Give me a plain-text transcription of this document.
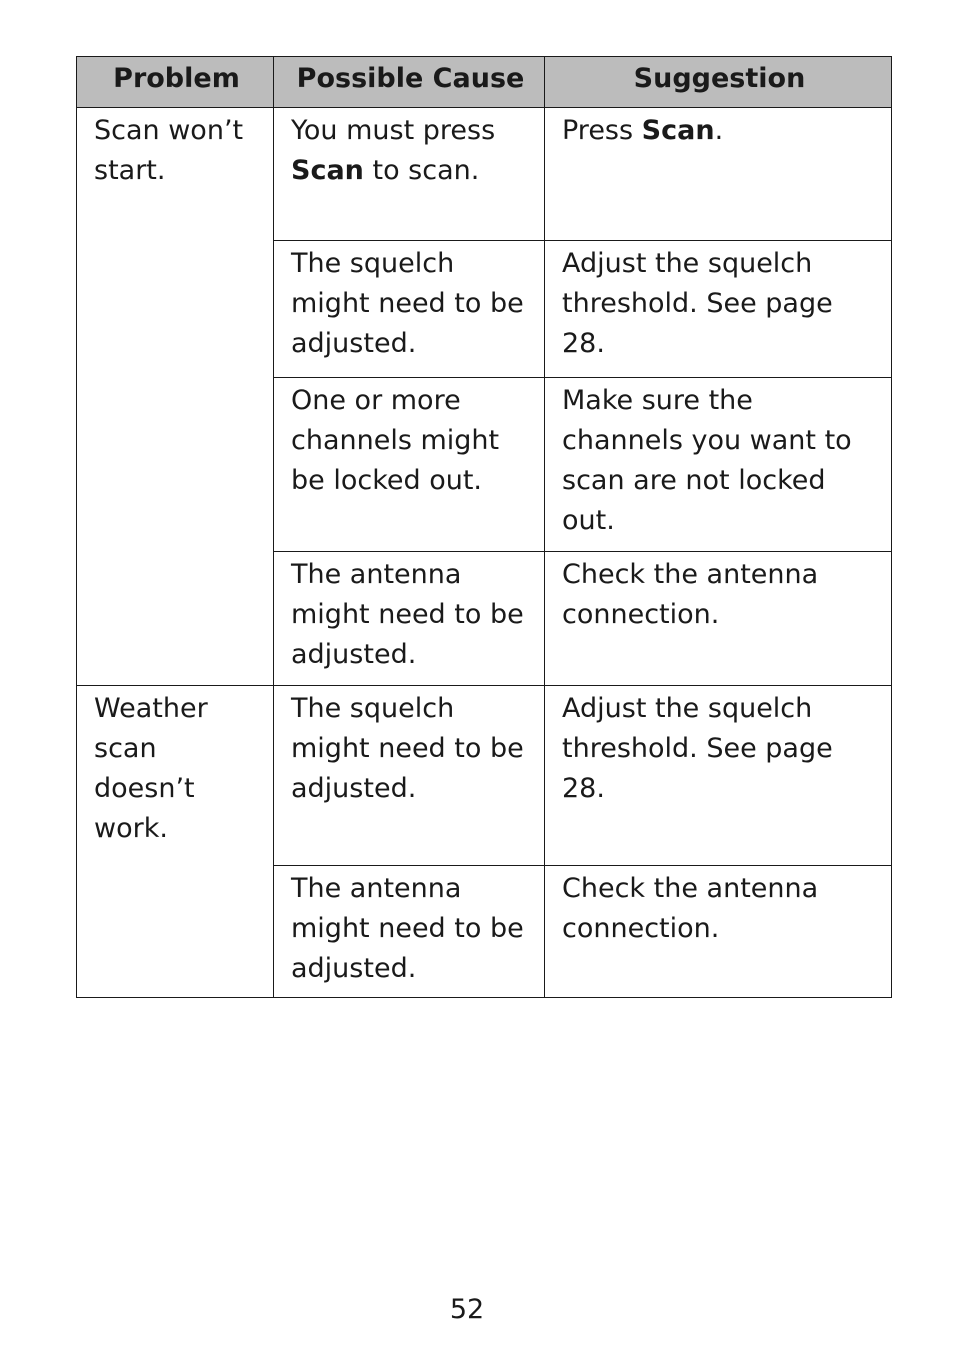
Problem	Possible Cause	Suggestion
Scan won’t start.	You must press Scan to scan.	Press Scan.
	The squelch might need to be adjusted.	Adjust the squelch threshold. See page 28.
	One or more channels might be locked out.	Make sure the channels you want to scan are not locked out.
	The antenna might need to be adjusted.	Check the antenna connection.
Weather scan doesn’t work.	The squelch might need to be adjusted.	Adjust the squelch threshold. See page 28.
	The antenna might need to be adjusted.	Check the antenna connection.
52
